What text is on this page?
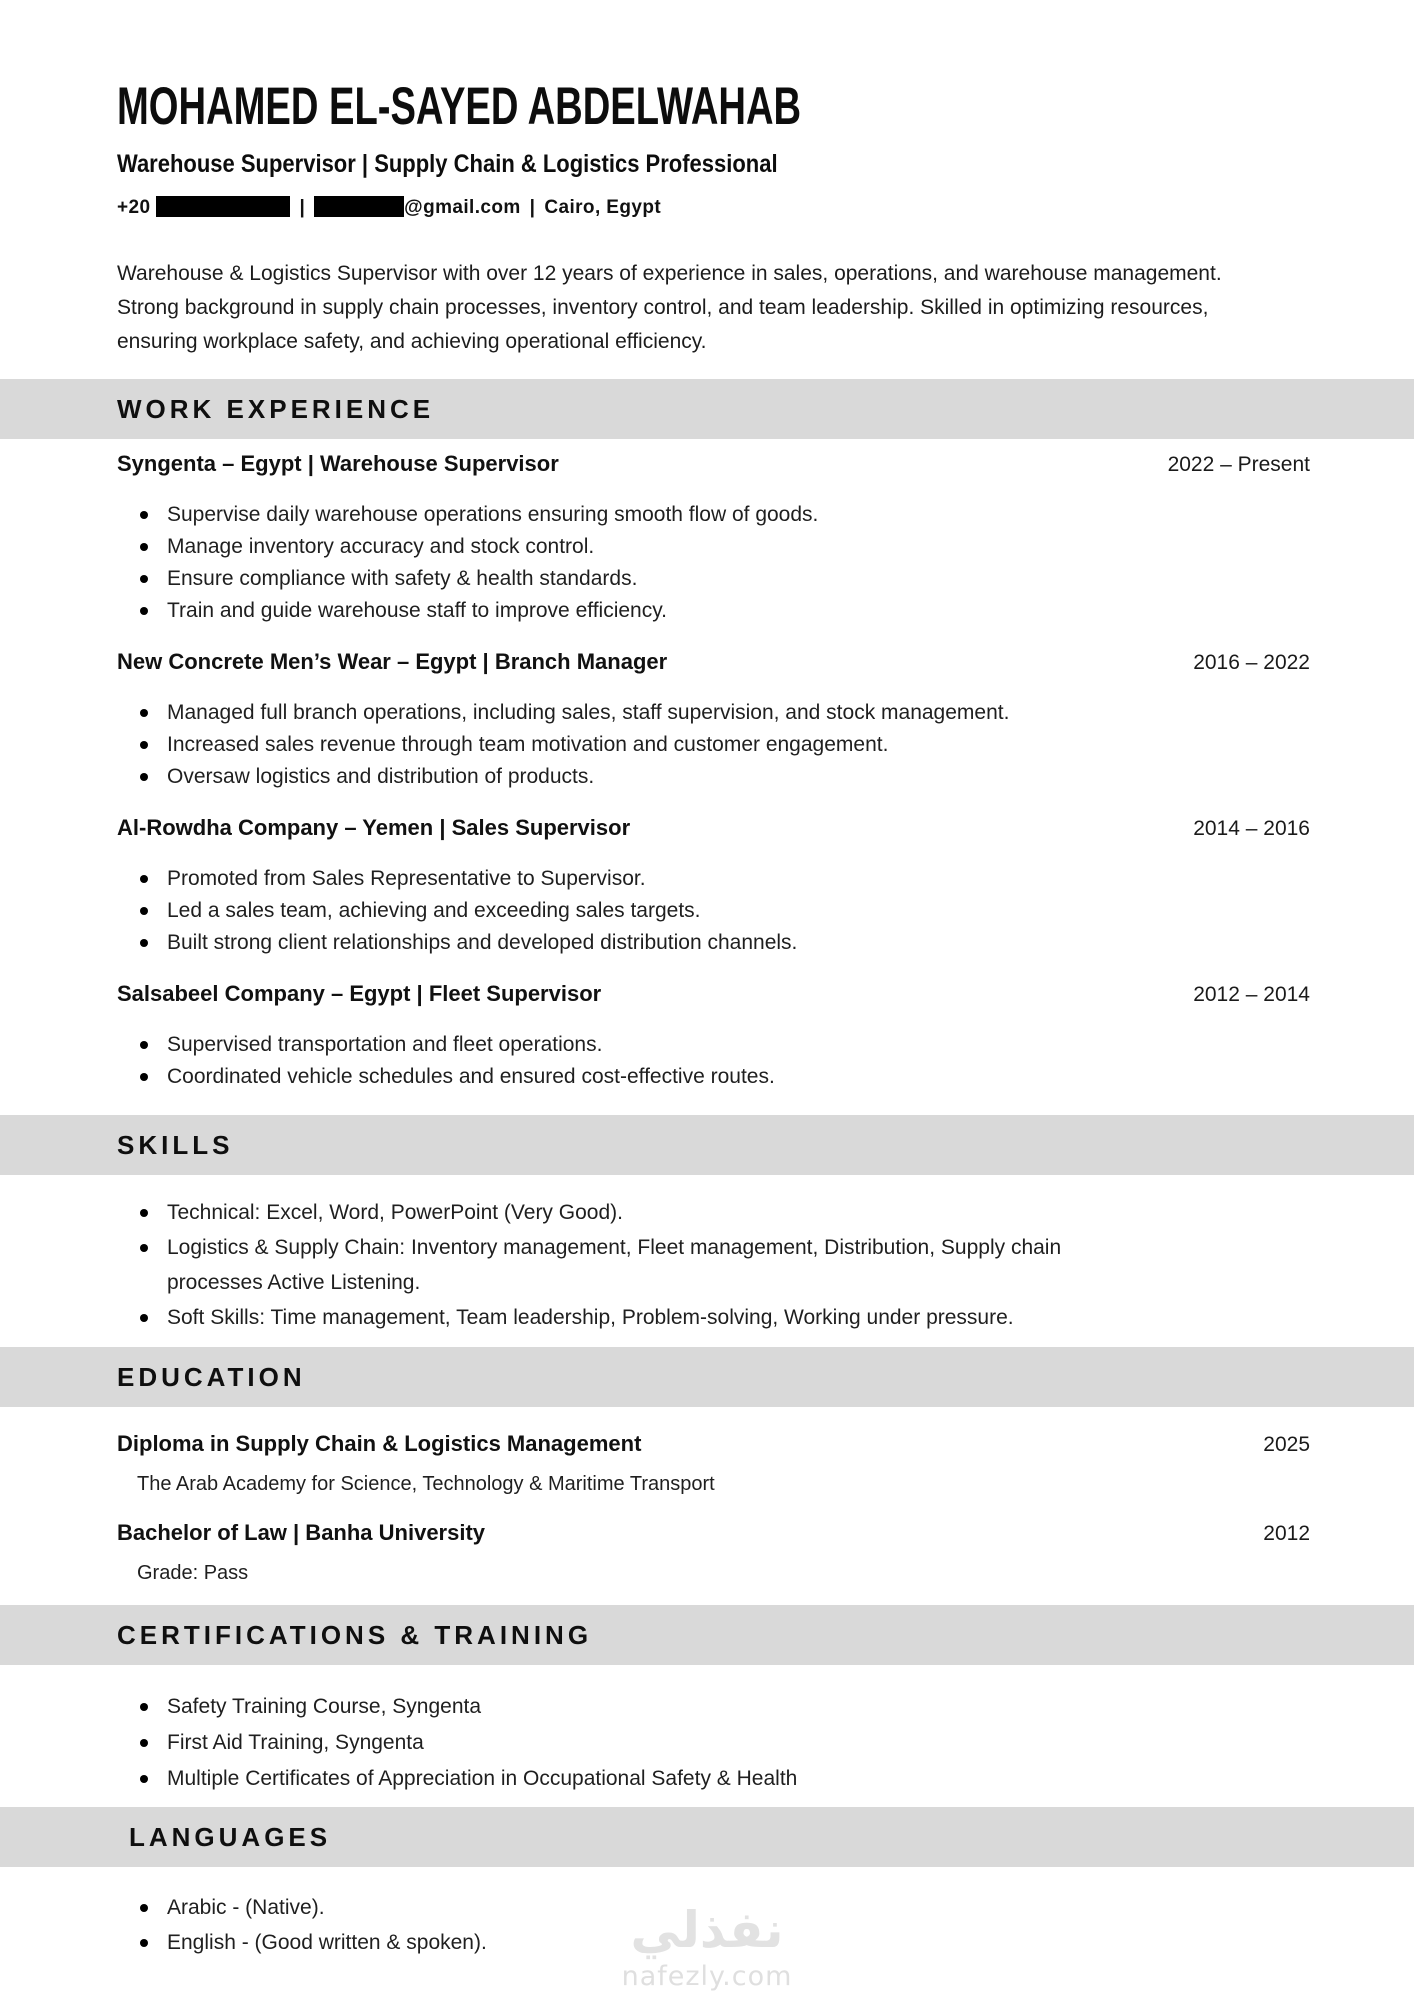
MOHAMED EL-SAYED ABDELWAHAB
Warehouse Supervisor | Supply Chain & Logistics Professional
+20	|	@gmail.com | Cairo, Egypt
Warehouse & Logistics Supervisor with over 12 years of experience in sales, operations, and warehouse management.
Strong background in supply chain processes, inventory control, and team leadership. Skilled in optimizing resources,
ensuring workplace safety, and achieving operational efficiency.
WORK EXPERIENCE
Syngenta – Egypt | Warehouse Supervisor	2022 – Present
Supervise daily warehouse operations ensuring smooth flow of goods.
Manage inventory accuracy and stock control.
Ensure compliance with safety & health standards.
Train and guide warehouse staff to improve efficiency.
New Concrete Men’s Wear – Egypt | Branch Manager	2016 – 2022
Managed full branch operations, including sales, staff supervision, and stock management.
Increased sales revenue through team motivation and customer engagement.
Oversaw logistics and distribution of products.
Al-Rowdha Company – Yemen | Sales Supervisor	2014 – 2016
Promoted from Sales Representative to Supervisor.
Led a sales team, achieving and exceeding sales targets.
Built strong client relationships and developed distribution channels.
Salsabeel Company – Egypt | Fleet Supervisor	2012 – 2014
Supervised transportation and fleet operations.
Coordinated vehicle schedules and ensured cost-effective routes.
SKILLS
Technical: Excel, Word, PowerPoint (Very Good).
Logistics & Supply Chain: Inventory management, Fleet management, Distribution, Supply chain
processes Active Listening.
Soft Skills: Time management, Team leadership, Problem-solving, Working under pressure.
EDUCATION
Diploma in Supply Chain & Logistics Management	2025
The Arab Academy for Science, Technology & Maritime Transport
Bachelor of Law | Banha University	2012
Grade: Pass
CERTIFICATIONS & TRAINING
Safety Training Course, Syngenta
First Aid Training, Syngenta
Multiple Certificates of Appreciation in Occupational Safety & Health
LANGUAGES
Arabic - (Native).
English - (Good written & spoken).	نفذلي
nafezly.com
